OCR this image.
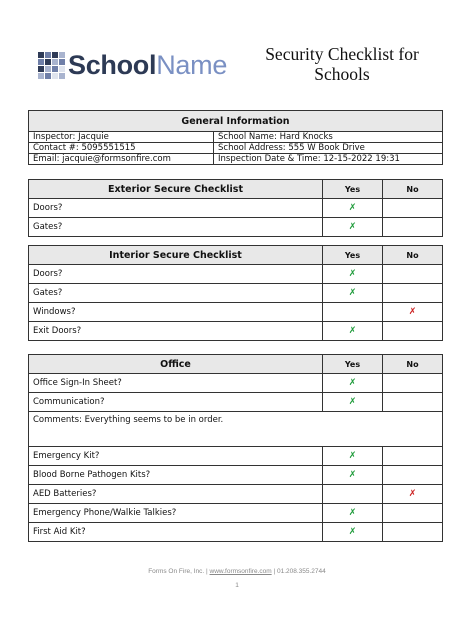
SchoolName	Security Checklist for Schools
General Information	
Inspector: Jacquie	School Name: Hard Knocks
Contact #: 5095551515	School Address: 555 W Book Drive
Email: jacquie@formsonfire.com	Inspection Date & Time: 12-15-2022 19:31
Exterior Secure Checklist	Yes	No
Doors?	✗	
Gates?	✗	
Interior Secure Checklist	Yes	No
Doors?	✗	
Gates?	✗	
Windows?		✗
Exit Doors?	✗	
Office	Yes	No
Office Sign-In Sheet?	✗	
Communication?	✗	
Comments: Everything seems to be in order.		
Emergency Kit?	✗	
Blood Borne Pathogen Kits?	✗	
AED Batteries?		✗
Emergency Phone/Walkie Talkies?	✗	
First Aid Kit?	✗	
Forms On Fire, Inc. | www.formsonfire.com | 01.208.355.2744
1
